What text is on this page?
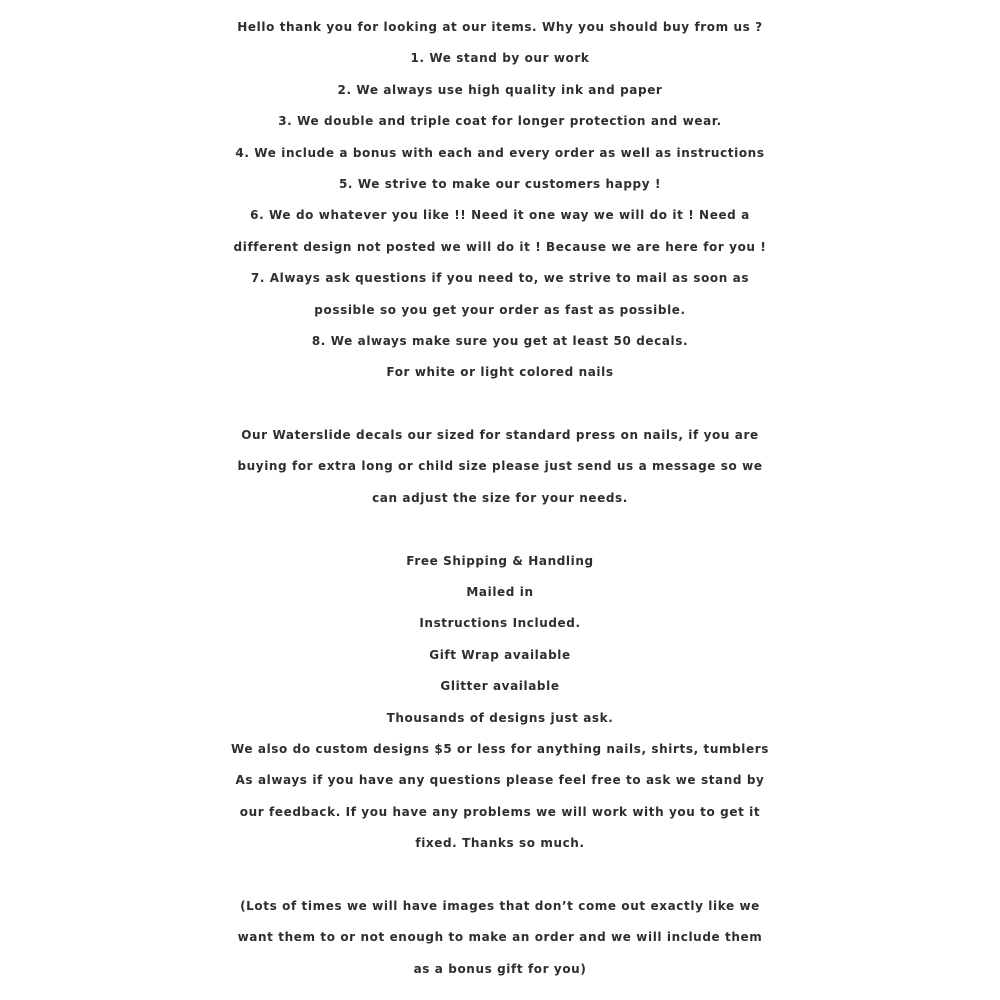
Hello thank you for looking at our items. Why you should buy from us ?
1. We stand by our work
2. We always use high quality ink and paper
3. We double and triple coat for longer protection and wear.
4. We include a bonus with each and every order as well as instructions
5. We strive to make our customers happy !
6. We do whatever you like !! Need it one way we will do it ! Need a
different design not posted we will do it ! Because we are here for you !
7. Always ask questions if you need to, we strive to mail as soon as
possible so you get your order as fast as possible.
8. We always make sure you get at least 50 decals.
For white or light colored nails
Our Waterslide decals our sized for standard press on nails, if you are
buying for extra long or child size please just send us a message so we
can adjust the size for your needs.
Free Shipping & Handling
Mailed in
Instructions Included.
Gift Wrap available
Glitter available
Thousands of designs just ask.
We also do custom designs $5 or less for anything nails, shirts, tumblers
As always if you have any questions please feel free to ask we stand by
our feedback. If you have any problems we will work with you to get it
fixed. Thanks so much.
(Lots of times we will have images that don’t come out exactly like we
want them to or not enough to make an order and we will include them
as a bonus gift for you)
